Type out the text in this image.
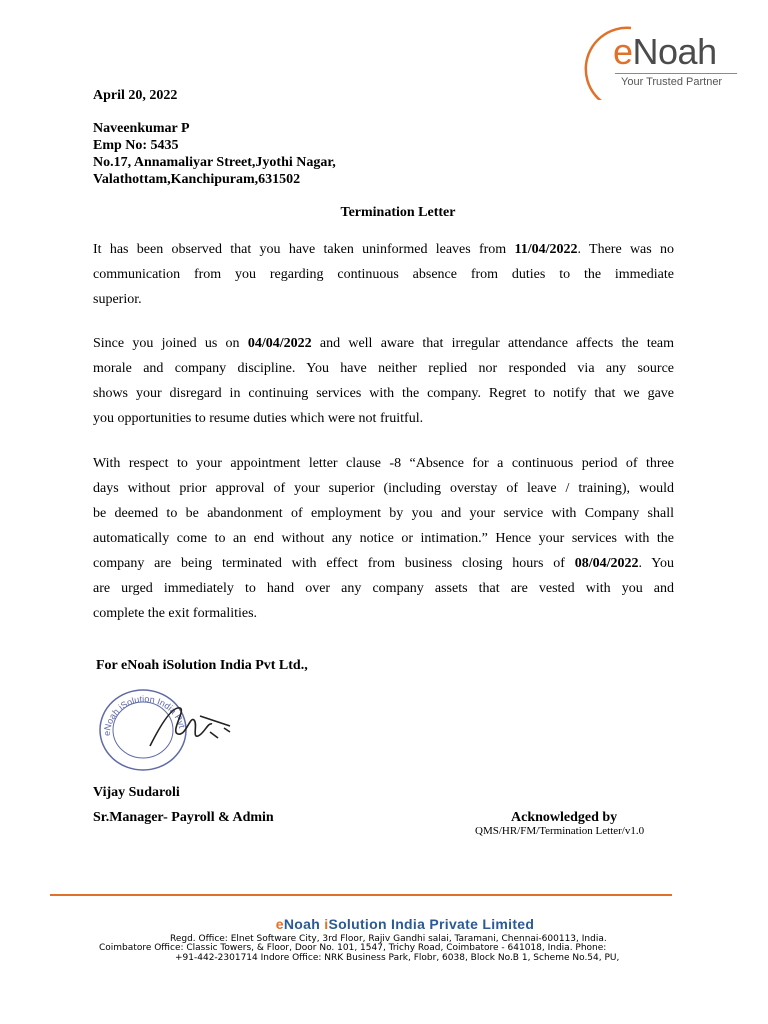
eNoah
Your Trusted Partner
April 20, 2022
Naveenkumar P
Emp No: 5435
No.17, Annamaliyar Street,Jyothi Nagar,
Valathottam,Kanchipuram,631502
Termination Letter
It has been observed that you have taken uninformed leaves from 11/04/2022. There was no
communication from you regarding continuous absence from duties to the immediate
superior.
Since you joined us on 04/04/2022 and well aware that irregular attendance affects the team
morale and company discipline. You have neither replied nor responded via any source
shows your disregard in continuing services with the company. Regret to notify that we gave
you opportunities to resume duties which were not fruitful.
With respect to your appointment letter clause -8 “Absence for a continuous period of three
days without prior approval of your superior (including overstay of leave / training), would
be deemed to be abandonment of employment by you and your service with Company shall
automatically come to an end without any notice or intimation.” Hence your services with the
company are being terminated with effect from business closing hours of 08/04/2022. You
are urged immediately to hand over any company assets that are vested with you and
complete the exit formalities.
For eNoah iSolution India Pvt Ltd.,
eNoah iSolution India Pvt
Vijay Sudaroli
Sr.Manager- Payroll & Admin	Acknowledged by
QMS/HR/FM/Termination Letter/v1.0
eNoah iSolution India Private Limited
Regd. Office: Elnet Software City, 3rd Floor, Rajiv Gandhi salai, Taramani, Chennai-600113, India.
Coimbatore Office: Classic Towers, & Floor, Door No. 101, 1547, Trichy Road, Coimbatore - 641018, India. Phone:
+91-442-2301714 Indore Office: NRK Business Park, Flobr, 6038, Block No.B 1, Scheme No.54, PU,
